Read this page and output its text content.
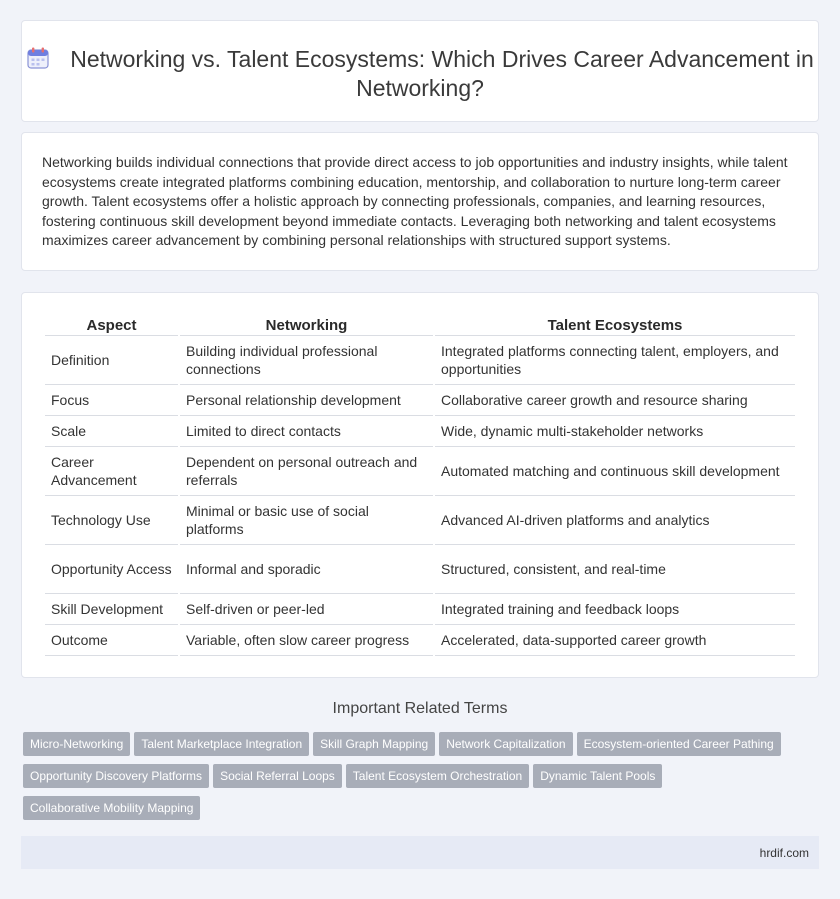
Networking vs. Talent Ecosystems: Which Drives Career Advancement in Networking?

Networking builds individual connections that provide direct access to job opportunities and industry insights, while talent ecosystems create integrated platforms combining education, mentorship, and collaboration to nurture long-term career growth. Talent ecosystems offer a holistic approach by connecting professionals, companies, and learning resources, fostering continuous skill development beyond immediate contacts. Leveraging both networking and talent ecosystems maximizes career advancement by combining personal relationships with structured support systems.

Aspect	Networking	Talent Ecosystems
Definition	Building individual professional connections	Integrated platforms connecting talent, employers, and opportunities
Focus	Personal relationship development	Collaborative career growth and resource sharing
Scale	Limited to direct contacts	Wide, dynamic multi-stakeholder networks
Career Advancement	Dependent on personal outreach and referrals	Automated matching and continuous skill development
Technology Use	Minimal or basic use of social platforms	Advanced AI-driven platforms and analytics
Opportunity Access	Informal and sporadic	Structured, consistent, and real-time
Skill Development	Self-driven or peer-led	Integrated training and feedback loops
Outcome	Variable, often slow career progress	Accelerated, data-supported career growth
Important Related Terms
Micro-Networking Talent Marketplace Integration Skill Graph Mapping Network Capitalization Ecosystem-oriented Career PathingOpportunity Discovery Platforms Social Referral Loops Talent Ecosystem Orchestration Dynamic Talent PoolsCollaborative Mobility Mapping
hrdif.com
